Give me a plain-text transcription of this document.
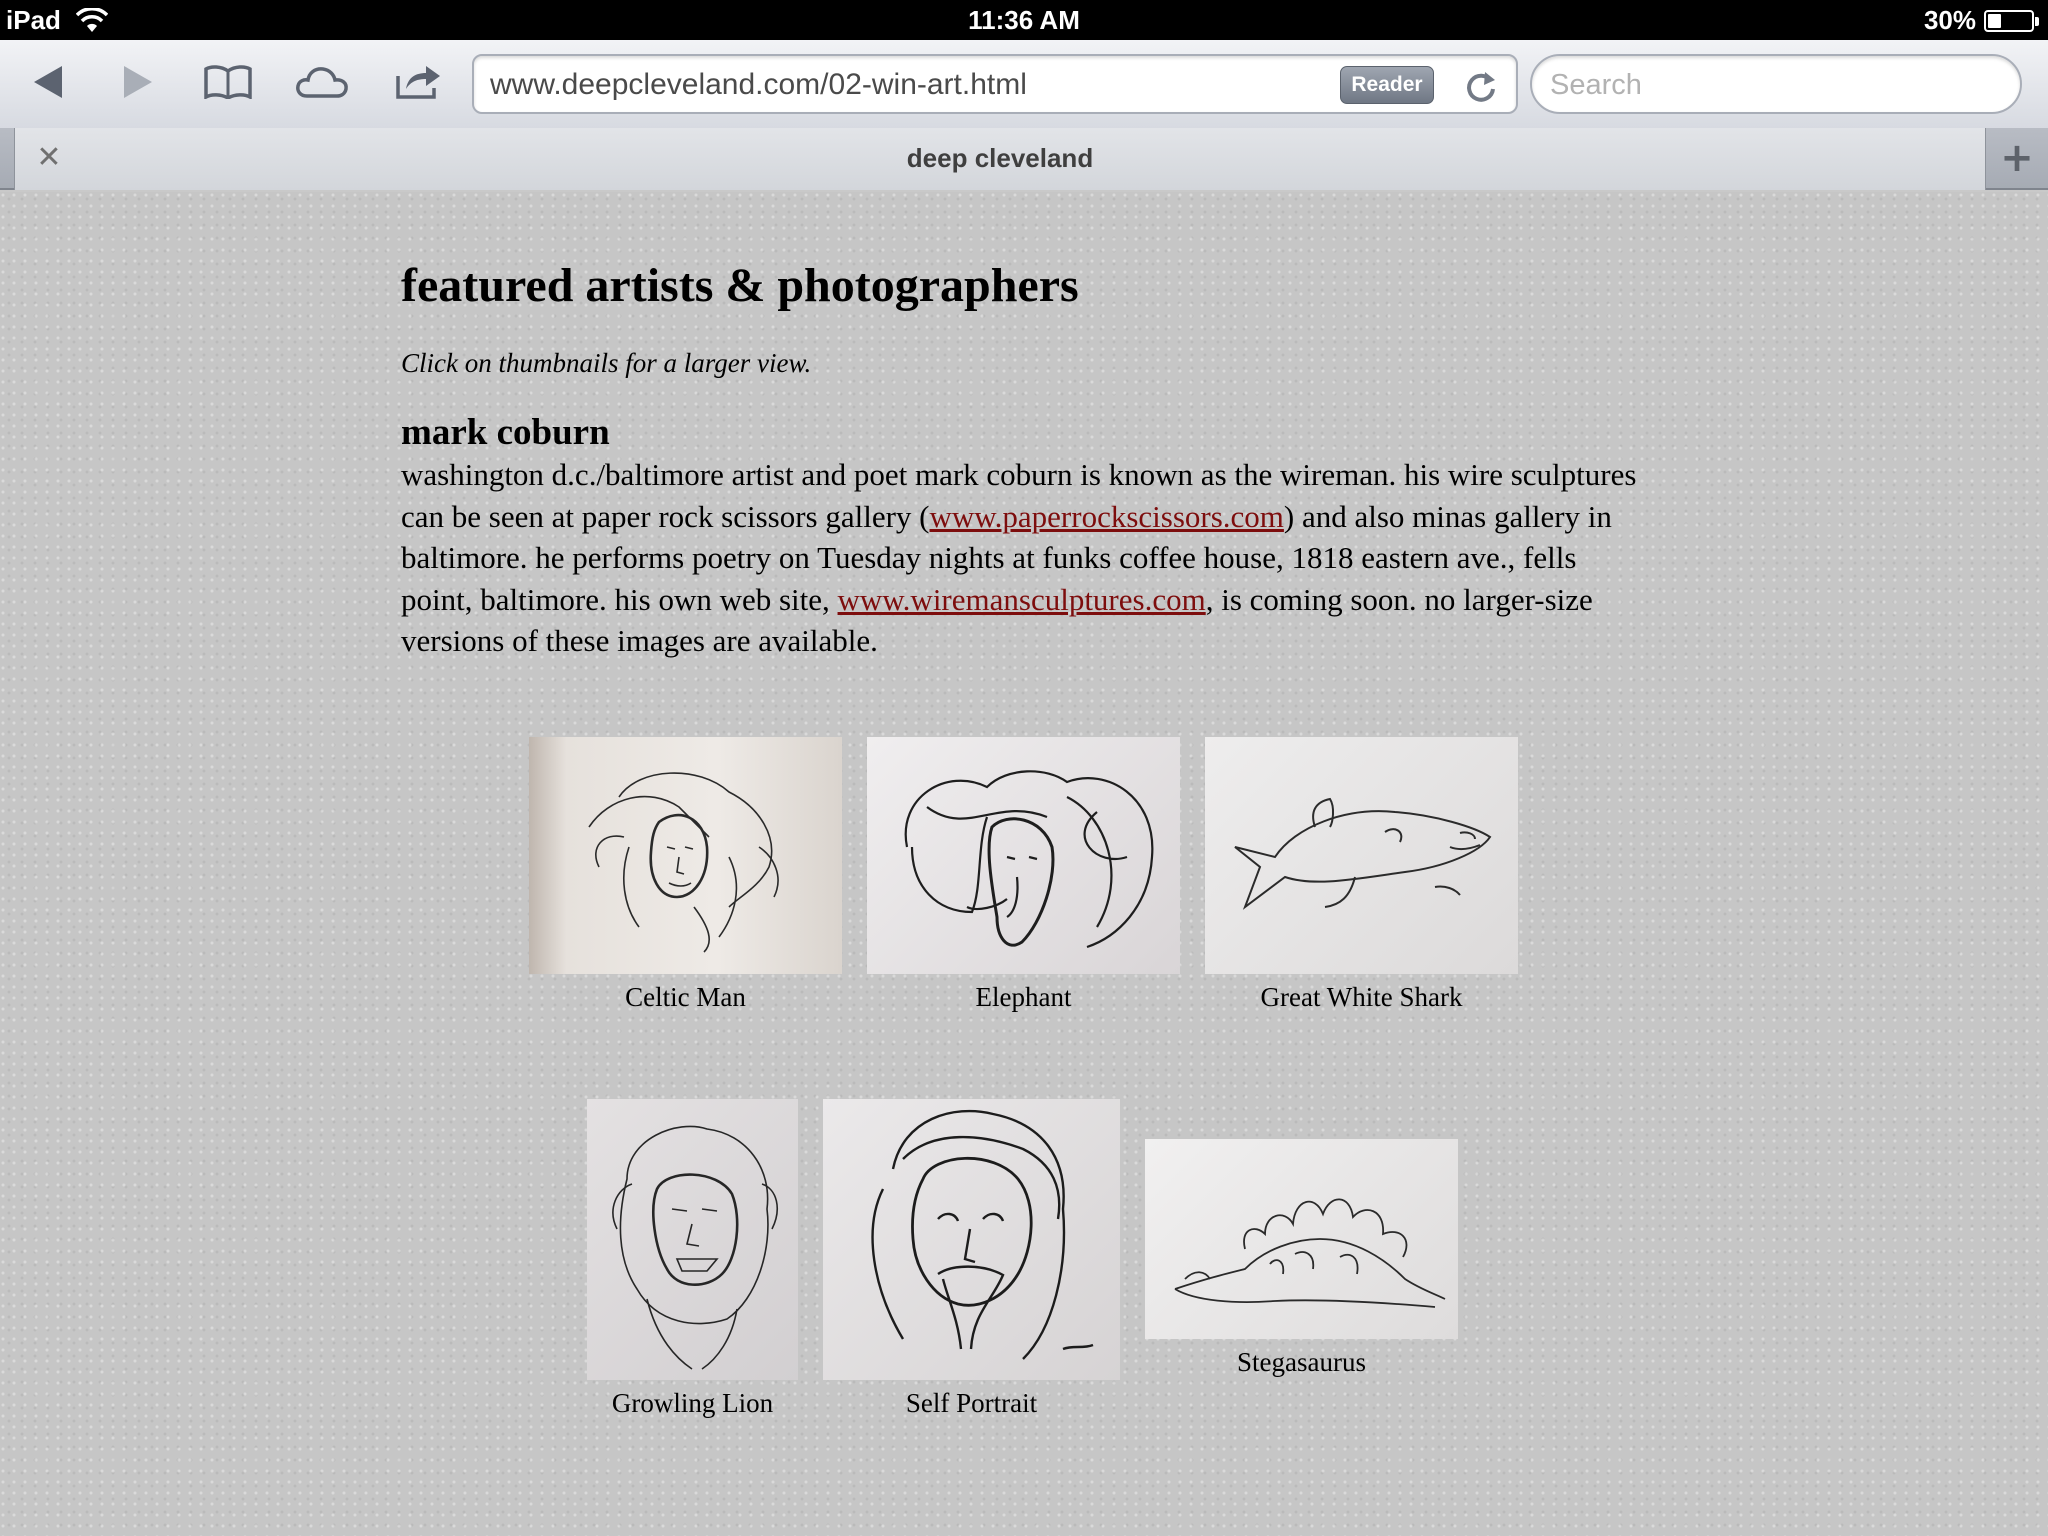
iPad	11:36 AM	30%
www.deepcleveland.com/02-win-art.html	Reader
Search
✕	deep cleveland	+
featured artists & photographers

Click on thumbnails for a larger view.

mark coburn

washington d.c./baltimore artist and poet mark coburn is known as the wireman. his wire sculptures can be seen at paper rock scissors gallery (www.paperrockscissors.com) and also minas gallery in baltimore. he performs poetry on Tuesday nights at funks coffee house, 1818 eastern ave., fells point, baltimore. his own web site, www.wiremansculptures.com, is coming soon. no larger-size versions of these images are available.

Celtic Man	Elephant	Great White Shark
Growling Lion	Self Portrait
Stegasaurus
